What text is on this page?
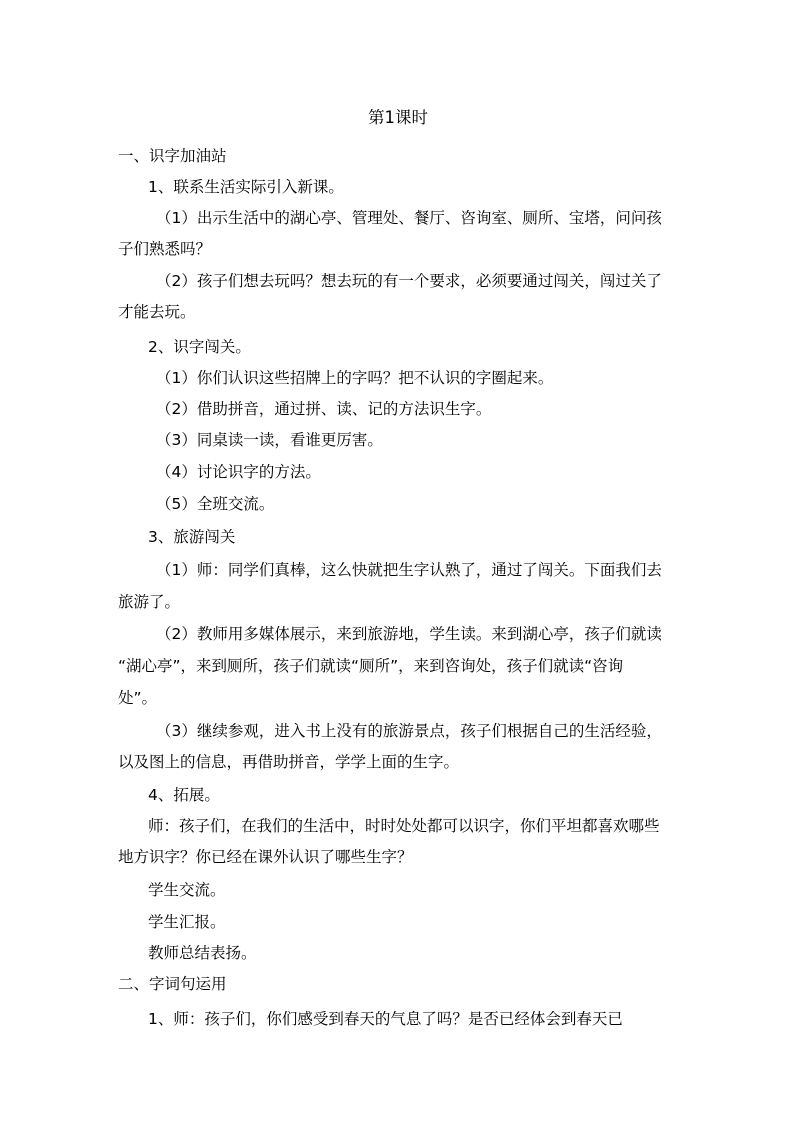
第1课时
一、识字加油站
1、联系生活实际引入新课。
（1）出示生活中的湖心亭、管理处、餐厅、咨询室、厕所、宝塔，问问孩
子们熟悉吗？
（2）孩子们想去玩吗？想去玩的有一个要求，必须要通过闯关，闯过关了
才能去玩。
2、识字闯关。
（1）你们认识这些招牌上的字吗？把不认识的字圈起来。
（2）借助拼音，通过拼、读、记的方法识生字。
（3）同桌读一读，看谁更厉害。
（4）讨论识字的方法。
（5）全班交流。
3、旅游闯关
（1）师：同学们真棒，这么快就把生字认熟了，通过了闯关。下面我们去
旅游了。
（2）教师用多媒体展示，来到旅游地，学生读。来到湖心亭，孩子们就读
“湖心亭”，来到厕所，孩子们就读“厕所”，来到咨询处，孩子们就读“咨询
处”。
（3）继续参观，进入书上没有的旅游景点，孩子们根据自己的生活经验，
以及图上的信息，再借助拼音，学学上面的生字。
4、拓展。
师：孩子们，在我们的生活中，时时处处都可以识字，你们平坦都喜欢哪些
地方识字？你已经在课外认识了哪些生字？
学生交流。
学生汇报。
教师总结表扬。
二、字词句运用
1、师：孩子们，你们感受到春天的气息了吗？是否已经体会到春天已
